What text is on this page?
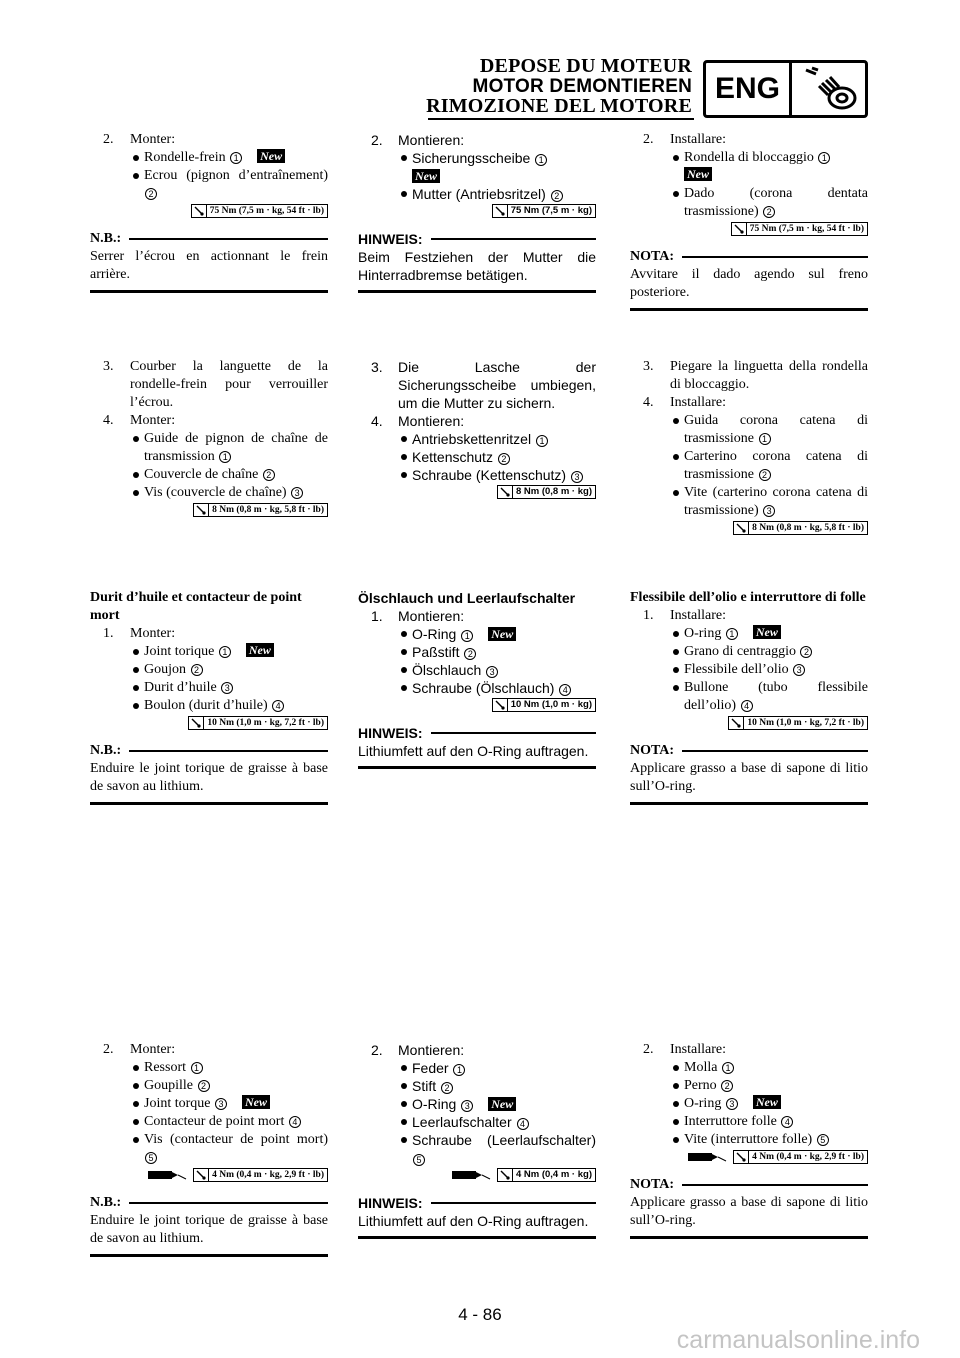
DEPOSE DU MOTEUR
MOTOR DEMONTIEREN
RIMOZIONE DEL MOTORE
ENG
2. Monter:
Rondelle-frein 1 New
Ecrou (pignon d’entraînement) 2
75 Nm (7,5 m · kg, 54 ft · lb)
N.B.:
Serrer l’écrou en actionnant le frein arrière.
2. Montieren:
Sicherungsscheibe 1
New
Mutter (Antriebsritzel) 2
75 Nm (7,5 m · kg)
HINWEIS:
Beim Festziehen der Mutter die Hinterradbremse betätigen.
2. Installare:
Rondella di bloccaggio 1
New
Dado (corona dentata trasmissione) 2
75 Nm (7,5 m · kg, 54 ft · lb)
NOTA:
Avvitare il dado agendo sul freno posteriore.
3. Courber la languette de la rondelle-frein pour verrouiller l’écrou.
4. Monter:
Guide de pignon de chaîne de transmission 1
Couvercle de chaîne 2
Vis (couvercle de chaîne) 3
8 Nm (0,8 m · kg, 5,8 ft · lb)
3. Die Lasche der Sicherungsscheibe umbiegen, um die Mutter zu sichern.
4. Montieren:
Antriebskettenritzel 1
Kettenschutz 2
Schraube (Kettenschutz) 3
8 Nm (0,8 m · kg)
3. Piegare la linguetta della rondella di bloccaggio.
4. Installare:
Guida corona catena di trasmissione 1
Carterino corona catena di trasmissione 2
Vite (carterino corona catena di trasmissione) 3
8 Nm (0,8 m · kg, 5,8 ft · lb)
Durit d’huile et contacteur de point mort
1. Monter:
Joint torique 1 New
Goujon 2
Durit d’huile 3
Boulon (durit d’huile) 4
10 Nm (1,0 m · kg, 7,2 ft · lb)
N.B.:
Enduire le joint torique de graisse à base de savon au lithium.
Ölschlauch und Leerlaufschalter
1. Montieren:
O-Ring 1 New
Paßstift 2
Ölschlauch 3
Schraube (Ölschlauch) 4
10 Nm (1,0 m · kg)
HINWEIS:
Lithiumfett auf den O-Ring auftragen.
Flessibile dell’olio e interruttore di folle
1. Installare:
O-ring 1 New
Grano di centraggio 2
Flessibile dell’olio 3
Bullone (tubo flessibile dell’olio) 4
10 Nm (1,0 m · kg, 7,2 ft · lb)
NOTA:
Applicare grasso a base di sapone di litio sull’O-ring.
2. Monter:
Ressort 1
Goupille 2
Joint torque 3 New
Contacteur de point mort 4
Vis (contacteur de point mort) 5
4 Nm (0,4 m · kg, 2,9 ft · lb)
N.B.:
Enduire le joint torique de graisse à base de savon au lithium.
2. Montieren:
Feder 1
Stift 2
O-Ring 3 New
Leerlaufschalter 4
Schraube (Leerlaufschalter) 5
4 Nm (0,4 m · kg)
HINWEIS:
Lithiumfett auf den O-Ring auftragen.
2. Installare:
Molla 1
Perno 2
O-ring 3 New
Interruttore folle 4
Vite (interruttore folle) 5
4 Nm (0,4 m · kg, 2,9 ft · lb)
NOTA:
Applicare grasso a base di sapone di litio sull’O-ring.
4 - 86
carmanualsonline.info
